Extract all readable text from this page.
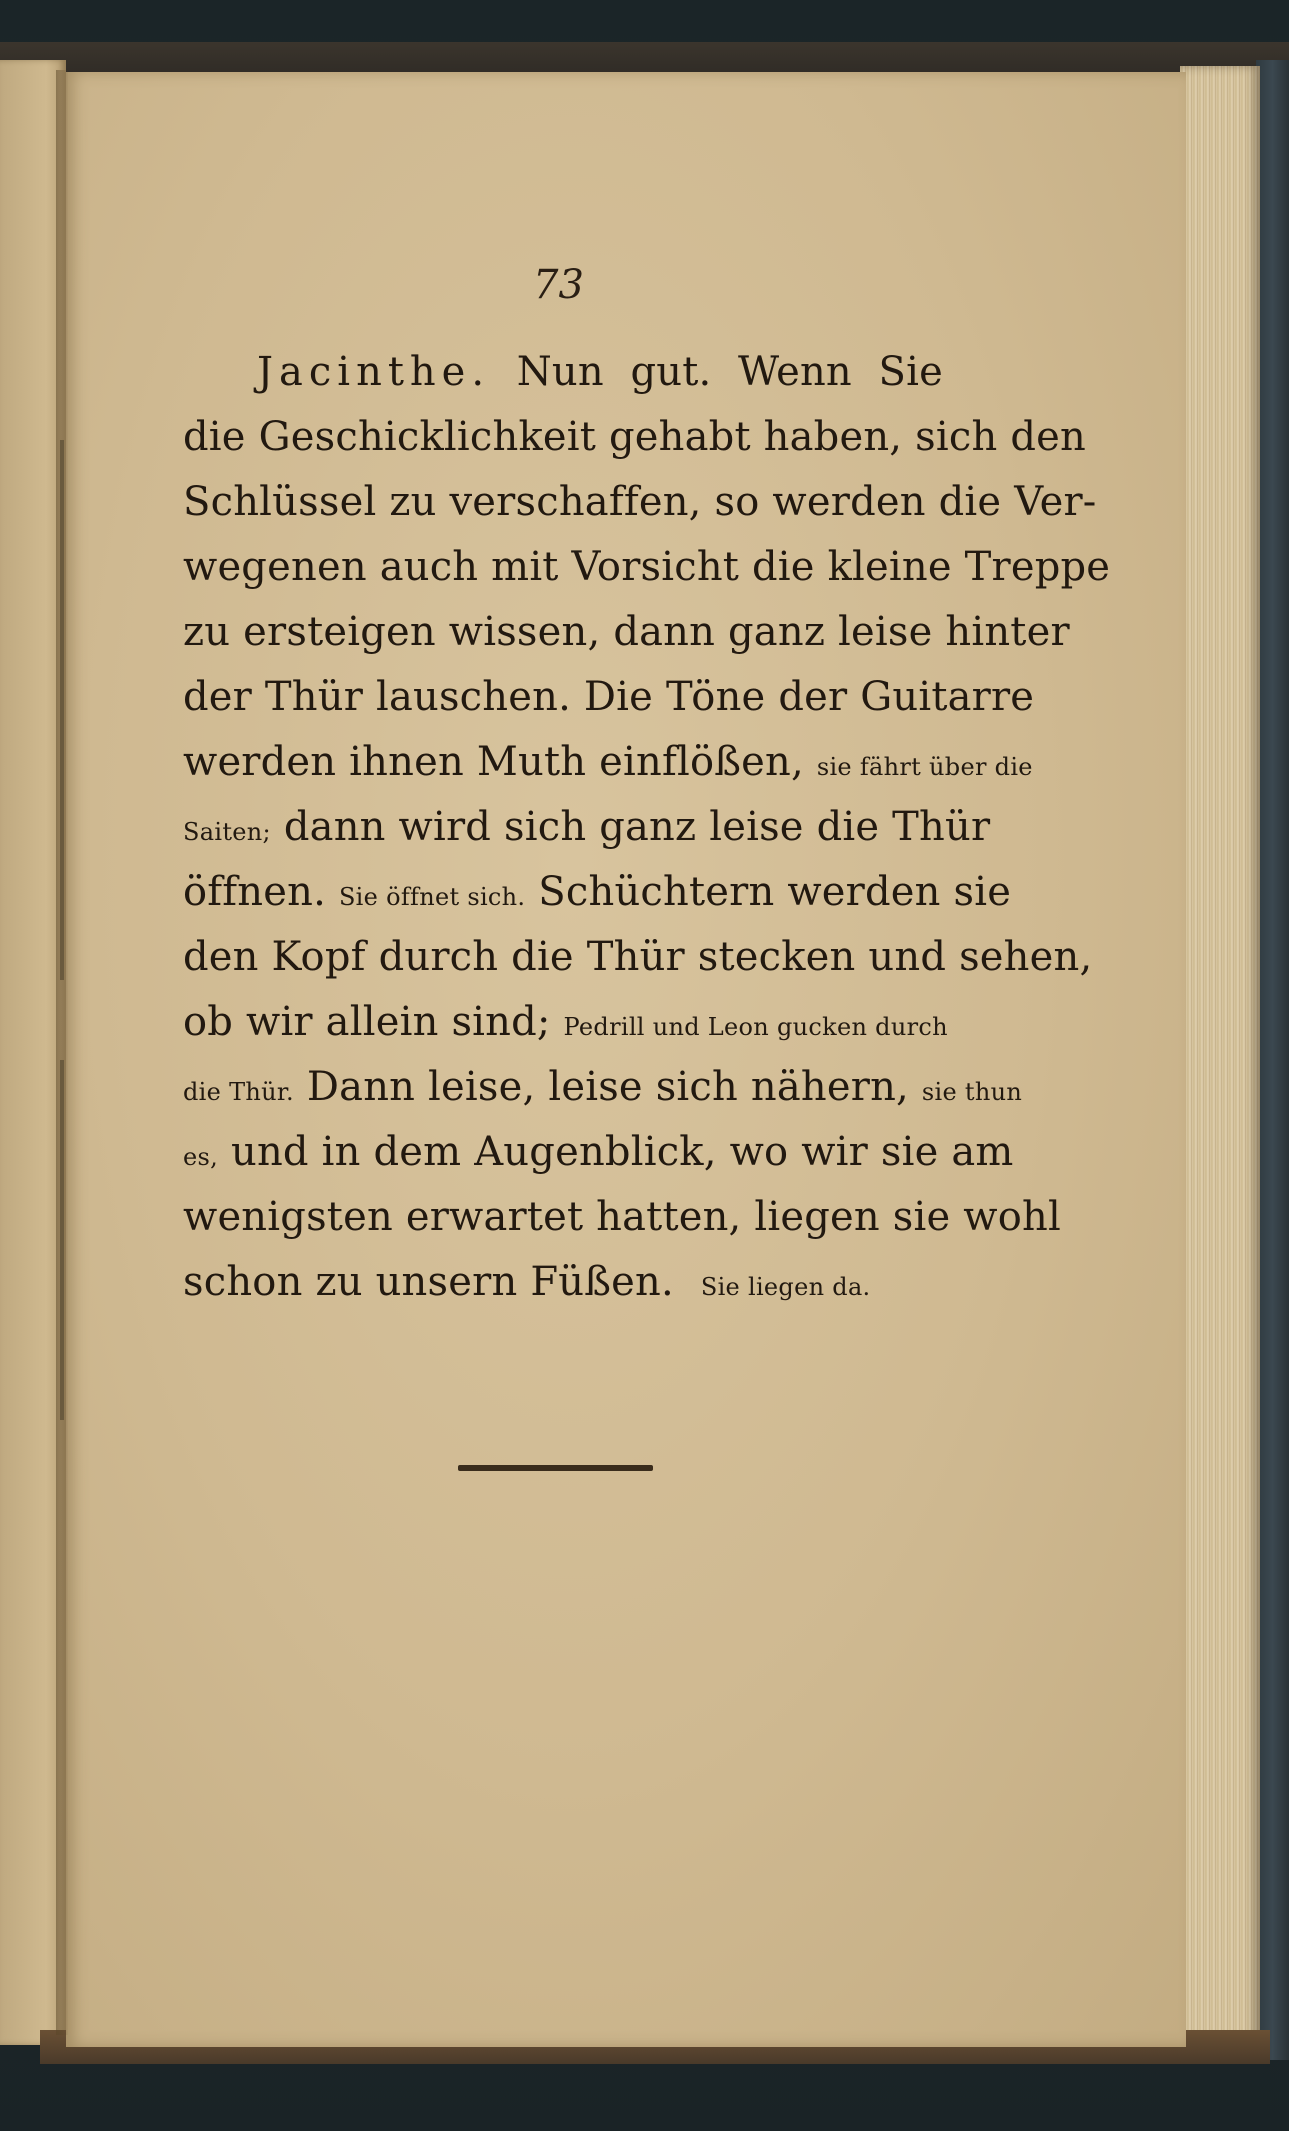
73
Jacinthe. Nun gut. Wenn Sie
die Geschicklichkeit gehabt haben, sich den
Schlüssel zu verschaffen, so werden die Ver-
wegenen auch mit Vorsicht die kleine Treppe
zu ersteigen wissen, dann ganz leise hinter
der Thür lauschen. Die Töne der Guitarre
werden ihnen Muth einflößen, sie fährt über die
Saiten; dann wird sich ganz leise die Thür
öffnen. Sie öffnet sich. Schüchtern werden sie
den Kopf durch die Thür stecken und sehen,
ob wir allein sind; Pedrill und Leon gucken durch
die Thür. Dann leise, leise sich nähern, sie thun
es, und in dem Augenblick, wo wir sie am
wenigsten erwartet hatten, liegen sie wohl
schon zu unsern Füßen. Sie liegen da.
